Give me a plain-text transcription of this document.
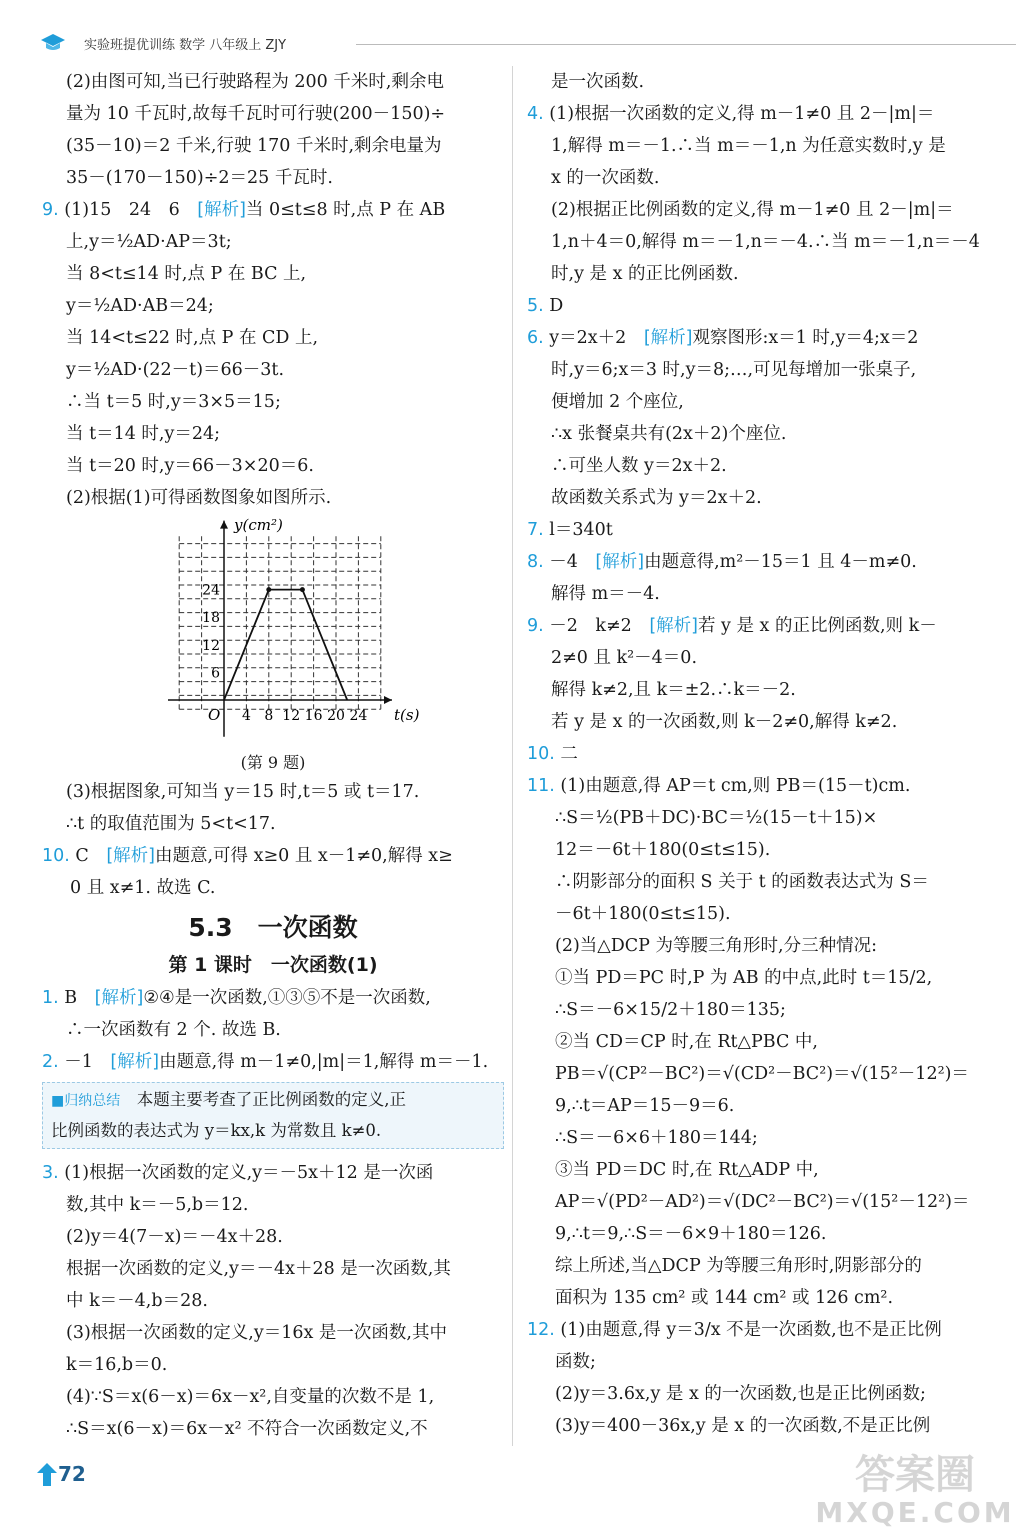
实验班提优训练 数学 八年级上 ZJY
(2)由图可知,当已行驶路程为 200 千米时,剩余电
量为 10 千瓦时,故每千瓦时可行驶(200－150)÷
(35－10)＝2 千米,行驶 170 千米时,剩余电量为
35－(170－150)÷2＝25 千瓦时.
9. (1)15　24　6　[解析]当 0≤t≤8 时,点 P 在 AB
上,y＝½AD·AP＝3t;
当 8<t≤14 时,点 P 在 BC 上,
y＝½AD·AB＝24;
当 14<t≤22 时,点 P 在 CD 上,
y＝½AD·(22－t)＝66－3t.
∴当 t＝5 时,y＝3×5＝15;
当 t＝14 时,y＝24;
当 t＝20 时,y＝66－3×20＝6.
(2)根据(1)可得函数图象如图所示.
y(cm²)
t(s)
O 4 8 12 16 20 24
6
12
18
24
(第 9 题)
(3)根据图象,可知当 y＝15 时,t＝5 或 t＝17.
∴t 的取值范围为 5<t<17.
10. C　[解析]由题意,可得 x≥0 且 x－1≠0,解得 x≥
0 且 x≠1. 故选 C.
5.3　一次函数
第 1 课时　一次函数(1)
1. B　[解析]②④是一次函数,①③⑤不是一次函数,
∴一次函数有 2 个. 故选 B.
2. －1　[解析]由题意,得 m－1≠0,|m|＝1,解得 m＝－1.
■归纳总结　本题主要考查了正比例函数的定义,正
比例函数的表达式为 y＝kx,k 为常数且 k≠0.
3. (1)根据一次函数的定义,y＝－5x＋12 是一次函
数,其中 k＝－5,b＝12.
(2)y＝4(7－x)＝－4x＋28.
根据一次函数的定义,y＝－4x＋28 是一次函数,其
中 k＝－4,b＝28.
(3)根据一次函数的定义,y＝16x 是一次函数,其中
k＝16,b＝0.
(4)∵S＝x(6－x)＝6x－x²,自变量的次数不是 1,
∴S＝x(6－x)＝6x－x² 不符合一次函数定义,不
是一次函数.
4. (1)根据一次函数的定义,得 m－1≠0 且 2－|m|＝
1,解得 m＝－1.∴当 m＝－1,n 为任意实数时,y 是
x 的一次函数.
(2)根据正比例函数的定义,得 m－1≠0 且 2－|m|＝
1,n＋4＝0,解得 m＝－1,n＝－4.∴当 m＝－1,n＝－4
时,y 是 x 的正比例函数.
5. D
6. y＝2x＋2　[解析]观察图形:x＝1 时,y＝4;x＝2
时,y＝6;x＝3 时,y＝8;…,可见每增加一张桌子,
便增加 2 个座位,
∴x 张餐桌共有(2x＋2)个座位.
∴可坐人数 y＝2x＋2.
故函数关系式为 y＝2x＋2.
7. l＝340t
8. －4　[解析]由题意得,m²－15＝1 且 4－m≠0.
解得 m＝－4.
9. －2　k≠2　[解析]若 y 是 x 的正比例函数,则 k－
2≠0 且 k²－4＝0.
解得 k≠2,且 k＝±2.∴k＝－2.
若 y 是 x 的一次函数,则 k－2≠0,解得 k≠2.
10. 二
11. (1)由题意,得 AP＝t cm,则 PB＝(15－t)cm.
∴S＝½(PB＋DC)·BC＝½(15－t＋15)×
12＝－6t＋180(0≤t≤15).
∴阴影部分的面积 S 关于 t 的函数表达式为 S＝
－6t＋180(0≤t≤15).
(2)当△DCP 为等腰三角形时,分三种情况:
①当 PD＝PC 时,P 为 AB 的中点,此时 t＝15/2,
∴S＝－6×15/2＋180＝135;
②当 CD＝CP 时,在 Rt△PBC 中,
PB＝√(CP²－BC²)＝√(CD²－BC²)＝√(15²－12²)＝
9,∴t＝AP＝15－9＝6.
∴S＝－6×6＋180＝144;
③当 PD＝DC 时,在 Rt△ADP 中,
AP＝√(PD²－AD²)＝√(DC²－BC²)＝√(15²－12²)＝
9,∴t＝9,∴S＝－6×9＋180＝126.
综上所述,当△DCP 为等腰三角形时,阴影部分的
面积为 135 cm² 或 144 cm² 或 126 cm².
12. (1)由题意,得 y＝3/x 不是一次函数,也不是正比例
函数;
(2)y＝3.6x,y 是 x 的一次函数,也是正比例函数;
(3)y＝400－36x,y 是 x 的一次函数,不是正比例
72	答案圈
MXQE.COM
